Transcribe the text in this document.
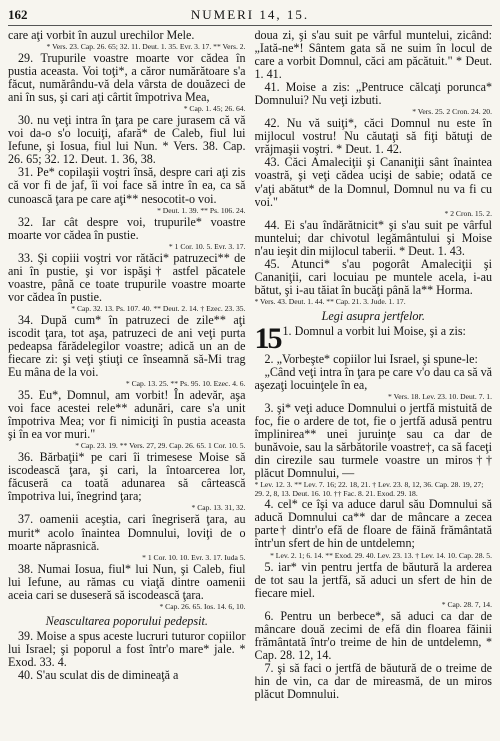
162	NUMERI 14, 15.

care aţi vorbit în auzul urechilor Mele.

* Vers. 23. Cap. 26. 65; 32. 11. Deut. 1. 35. Evr. 3. 17. ** Vers. 2.

29. Trupurile voastre moarte vor cădea în pustia aceasta. Voi toţi*, a căror numărătoare s'a făcut, numărându-vă dela vârsta de douăzeci de ani în sus, şi cari aţi cârtit împotriva Mea,

* Cap. 1. 45; 26. 64.

30. nu veţi intra în ţara pe care jurasem că vă voi da-o s'o locuiţi, afară* de Caleb, fiul lui Iefune, şi Iosua, fiul lui Nun. * Vers. 38. Cap. 26. 65; 32. 12. Deut. 1. 36, 38.

31. Pe* copilaşii voştri însă, despre cari aţi zis că vor fi de jaf, îi voi face să intre în ea, ca să cunoască ţara pe care aţi** nesocotit-o voi.

* Deut. 1. 39. ** Ps. 106. 24.

32. Iar cât despre voi, trupurile* voastre moarte vor cădea în pustie.

* 1 Cor. 10. 5. Evr. 3. 17.

33. Şi copiii voştri vor rătăci* patruzeci** de ani în pustie, şi vor ispăşi† astfel păcatele voastre, până ce toate trupurile voastre moarte vor cădea în pustie.

* Cap. 32. 13. Ps. 107. 40. ** Deut. 2. 14. † Ezec. 23. 35.

34. După cum* în patruzeci de zile** aţi iscodit ţara, tot aşa, patruzeci de ani veţi purta pedeapsa fărădelegilor voastre; adică un an de fiecare zi: şi veţi ştiuţi ce înseamnă să-Mi trag Eu mâna de la voi.

* Cap. 13. 25. ** Ps. 95. 10. Ezec. 4. 6.

35. Eu*, Domnul, am vorbit! În adevăr, aşa voi face acestei rele** adunări, care s'a unit împotriva Mea; vor fi nimiciţi în pustia aceasta şi în ea vor muri."

* Cap. 23. 19. ** Vers. 27, 29. Cap. 26. 65. 1 Cor. 10. 5.

36. Bărbaţii* pe cari îi trimesese Moise să iscodească ţara, şi cari, la întoarcerea lor, făcuseră ca toată adunarea să cârtească împotriva lui, înegrind ţara;

* Cap. 13. 31, 32.

37. oamenii aceştia, cari înegriseră ţara, au murit* acolo înaintea Domnului, loviţi de o moarte năprasnică.

* 1 Cor. 10. 10. Evr. 3. 17. Iuda 5.

38. Numai Iosua, fiul* lui Nun, şi Caleb, fiul lui Iefune, au rămas cu viaţă dintre oamenii aceia cari se duseseră să iscodească ţara.

* Cap. 26. 65. Ios. 14. 6, 10.

Neascultarea poporului pedepsit.

39. Moise a spus aceste lucruri tuturor copiilor lui Israel; şi poporul a fost într'o mare* jale. * Exod. 33. 4.

40. S'au sculat dis de dimineaţă a

doua zi, şi s'au suit pe vârful muntelui, zicând: „Iată-ne*! Sântem gata să ne suim în locul de care a vorbit Domnul, căci am păcătuit." * Deut. 1. 41.

41. Moise a zis: „Pentruce călcaţi porunca* Domnului? Nu veţi izbuti.

* Vers. 25. 2 Cron. 24. 20.

42. Nu vă suiţi*, căci Domnul nu este în mijlocul vostru! Nu căutaţi să fiţi bătuţi de vrăjmaşii voştri. * Deut. 1. 42.

43. Căci Amaleciţii şi Cananiţii sânt înaintea voastră, şi veţi cădea ucişi de sabie; odată ce v'aţi abătut* de la Domnul, Domnul nu va fi cu voi."

* 2 Cron. 15. 2.

44. Ei s'au îndărătnicit* şi s'au suit pe vârful muntelui; dar chivotul legământului şi Moise n'au ieşit din mijlocul taberii. * Deut. 1. 43.

45. Atunci* s'au pogorât Amaleciţii şi Cananiţii, cari locuiau pe muntele acela, i-au bătut, şi i-au tăiat în bucăţi până la** Horma.

* Vers. 43. Deut. 1. 44. ** Cap. 21. 3. Jude. 1. 17.

Legi asupra jertfelor.
15 1. Domnul a vorbit lui Moise, şi a zis:

2. „Vorbeşte* copiilor lui Israel, şi spune-le:

„Când veţi intra în ţara pe care v'o dau ca să vă aşezaţi locuinţele în ea,

* Vers. 18. Lev. 23. 10. Deut. 7. 1.

3. şi* veţi aduce Domnului o jertfă mistuită de foc, fie o ardere de tot, fie o jertfă adusă pentru împlinirea** unei juruinţe sau ca dar de bunăvoie, sau la sărbătorile voastre†, ca să faceţi din cirezile sau turmele voastre un miros†† plăcut Domnului, —

* Lev. 12. 3. ** Lev. 7. 16; 22. 18, 21. † Lev. 23. 8, 12, 36. Cap. 28. 19, 27; 29. 2, 8, 13. Deut. 16. 10. †† Fac. 8. 21. Exod. 29. 18.

4. cel* ce îşi va aduce darul său Domnului să aducă Domnului ca** dar de mâncare a zecea parte† dintr'o efă de floare de făină frământată într'un sfert de hin de untdelemn;

* Lev. 2. 1; 6. 14. ** Exod. 29. 40. Lev. 23. 13. † Lev. 14. 10. Cap. 28. 5.

5. iar* vin pentru jertfa de băutură la arderea de tot sau la jertfă, să aduci un sfert de hin de fiecare miel.

* Cap. 28. 7, 14.

6. Pentru un berbece*, să aduci ca dar de mâncare două zecimi de efă din floarea făinii frământată într'o treime de hin de untdelemn, * Cap. 28. 12, 14.

7. şi să faci o jertfă de băutură de o treime de hin de vin, ca dar de mireasmă, de un miros plăcut Domnului.
